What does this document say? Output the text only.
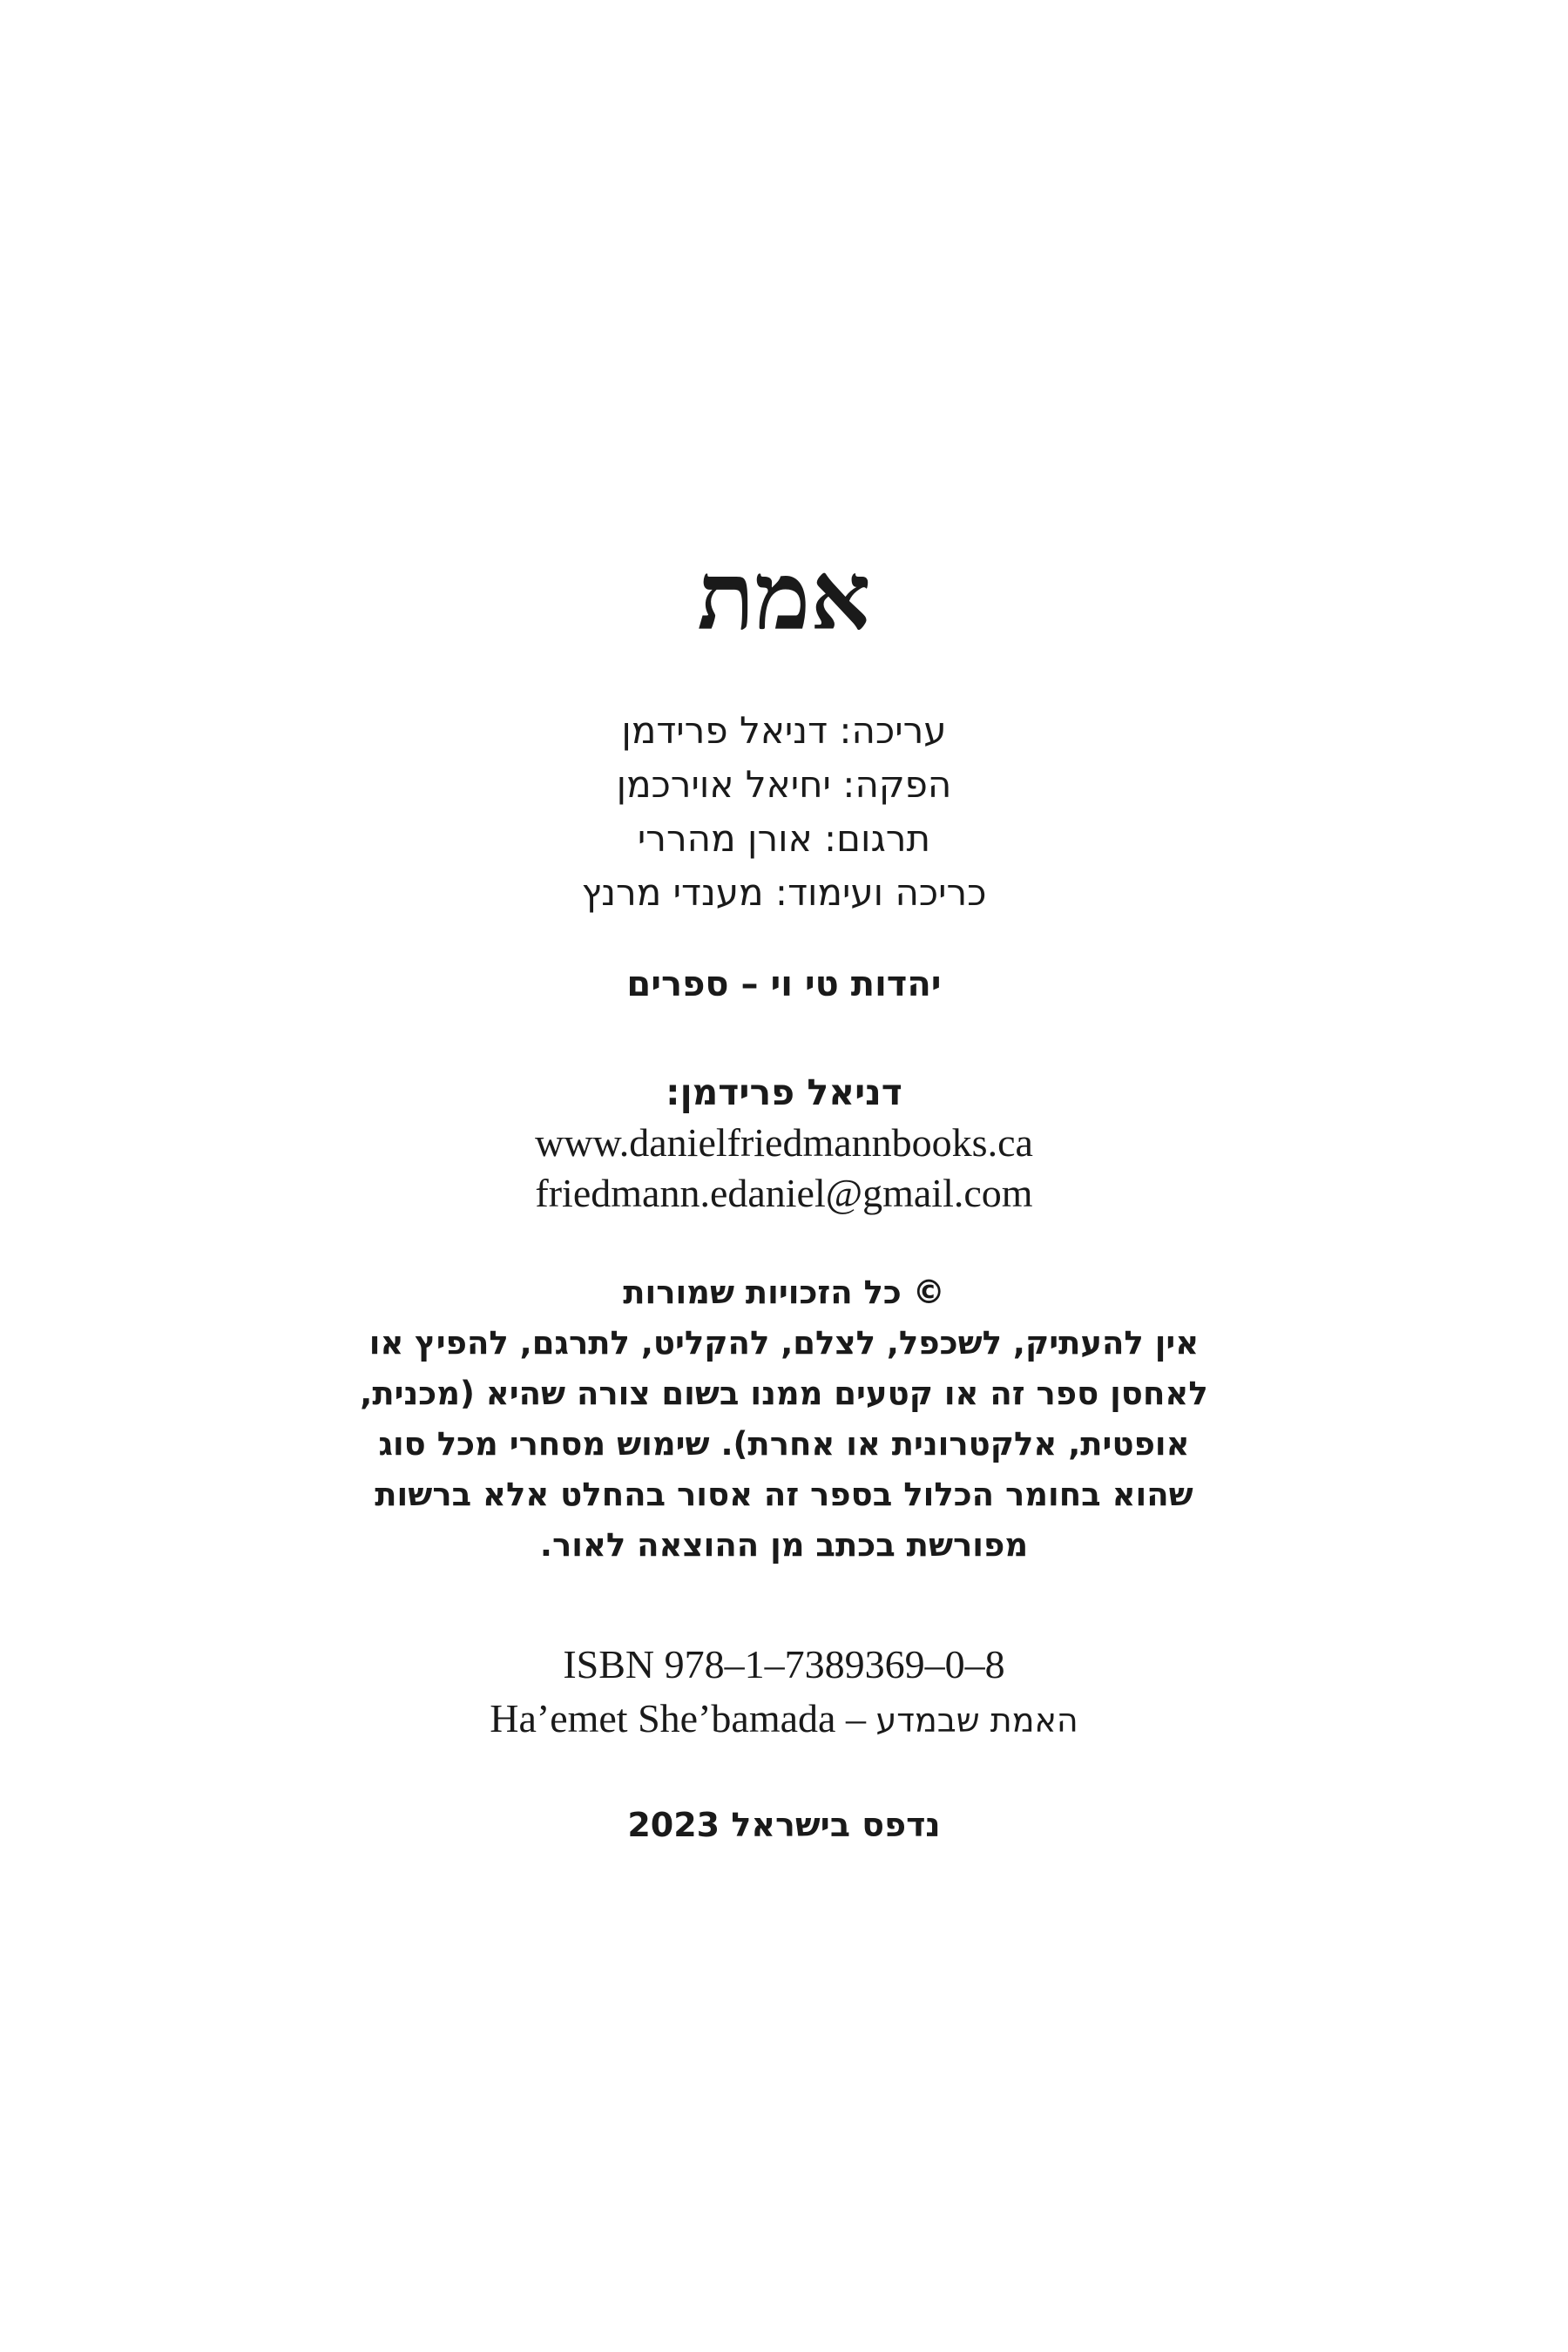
אמת
עריכה: דניאל פרידמן
הפקה: יחיאל אוירכמן
תרגום: אורן מהררי
כריכה ועימוד: מענדי מרנץ
יהדות טי וי – ספרים
דניאל פרידמן:
www.danielfriedmannbooks.ca
friedmann.edaniel@gmail.com
© כל הזכויות שמורות
אין להעתיק, לשכפל, לצלם, להקליט, לתרגם, להפיץ או
לאחסן ספר זה או קטעים ממנו בשום צורה שהיא (מכנית,
אופטית, אלקטרונית או אחרת). שימוש מסחרי מכל סוג
שהוא בחומר הכלול בספר זה אסור בהחלט אלא ברשות
מפורשת בכתב מן ההוצאה לאור.
ISBN 978–1–7389369–0–8
Ha’emet She’bamada – האמת שבמדע
נדפס בישראל 2023
